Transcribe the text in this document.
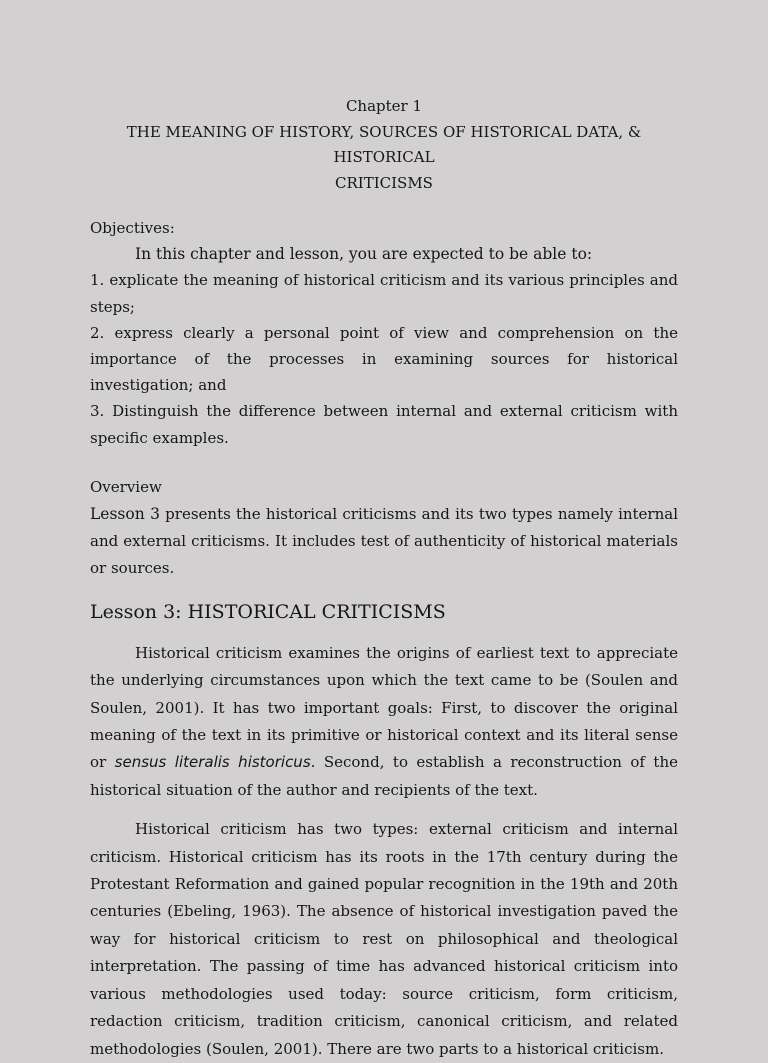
Chapter 1

THE MEANING OF HISTORY, SOURCES OF HISTORICAL DATA, & HISTORICAL

CRITICISMS

Objectives:

In this chapter and lesson, you are expected to be able to:

1. explicate the meaning of historical criticism and its various principles and steps;

2. express clearly a personal point of view and comprehension on the importance of the processes in examining sources for historical investigation; and

3. Distinguish the difference between internal and external criticism with specific examples.

Overview

Lesson 3 presents the historical criticisms and its two types namely internal and external criticisms. It includes test of authenticity of historical materials or sources.

Lesson 3: HISTORICAL CRITICISMS

Historical criticism examines the origins of earliest text to appreciate the underlying circumstances upon which the text came to be (Soulen and Soulen, 2001). It has two important goals: First, to discover the original meaning of the text in its primitive or historical context and its literal sense or sensus literalis historicus. Second, to establish a reconstruction of the historical situation of the author and recipients of the text.

Historical criticism has two types: external criticism and internal criticism. Historical criticism has its roots in the 17th century during the Protestant Reformation and gained popular recognition in the 19th and 20th centuries (Ebeling, 1963). The absence of historical investigation paved the way for historical criticism to rest on philosophical and theological interpretation. The passing of time has advanced historical criticism into various methodologies used today: source criticism, form criticism, redaction criticism, tradition criticism, canonical criticism, and related methodologies (Soulen, 2001). There are two parts to a historical criticism.
